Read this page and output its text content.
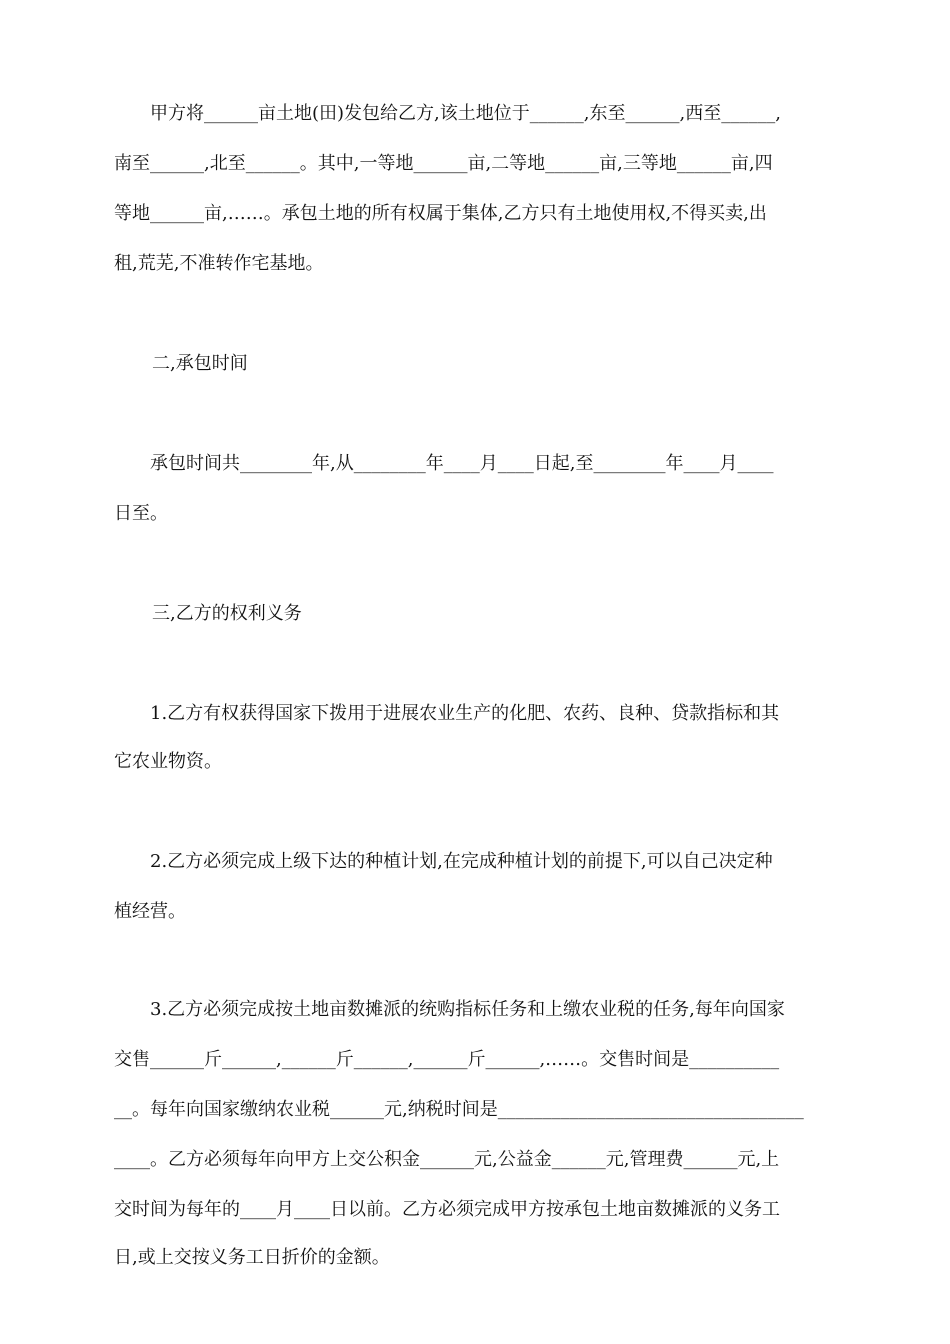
　　甲方将______亩土地(田)发包给乙方,该土地位于______,东至______,西至______,
南至______,北至______。其中,一等地______亩,二等地______亩,三等地______亩,四
等地______亩,……。承包土地的所有权属于集体,乙方只有土地使用权,不得买卖,出
租,荒芜,不准转作宅基地。
二,承包时间
　　承包时间共________年,从________年____月____日起,至________年____月____
日至。
三,乙方的权利义务
　　1.乙方有权获得国家下拨用于进展农业生产的化肥、农药、良种、贷款指标和其
它农业物资。
　　2.乙方必须完成上级下达的种植计划,在完成种植计划的前提下,可以自己决定种
植经营。
　　3.乙方必须完成按土地亩数摊派的统购指标任务和上缴农业税的任务,每年向国家
交售______斤______,______斤______,______斤______,……。交售时间是__________
__。每年向国家缴纳农业税______元,纳税时间是__________________________________
____。乙方必须每年向甲方上交公积金______元,公益金______元,管理费______元,上
交时间为每年的____月____日以前。乙方必须完成甲方按承包土地亩数摊派的义务工
日,或上交按义务工日折价的金额。
